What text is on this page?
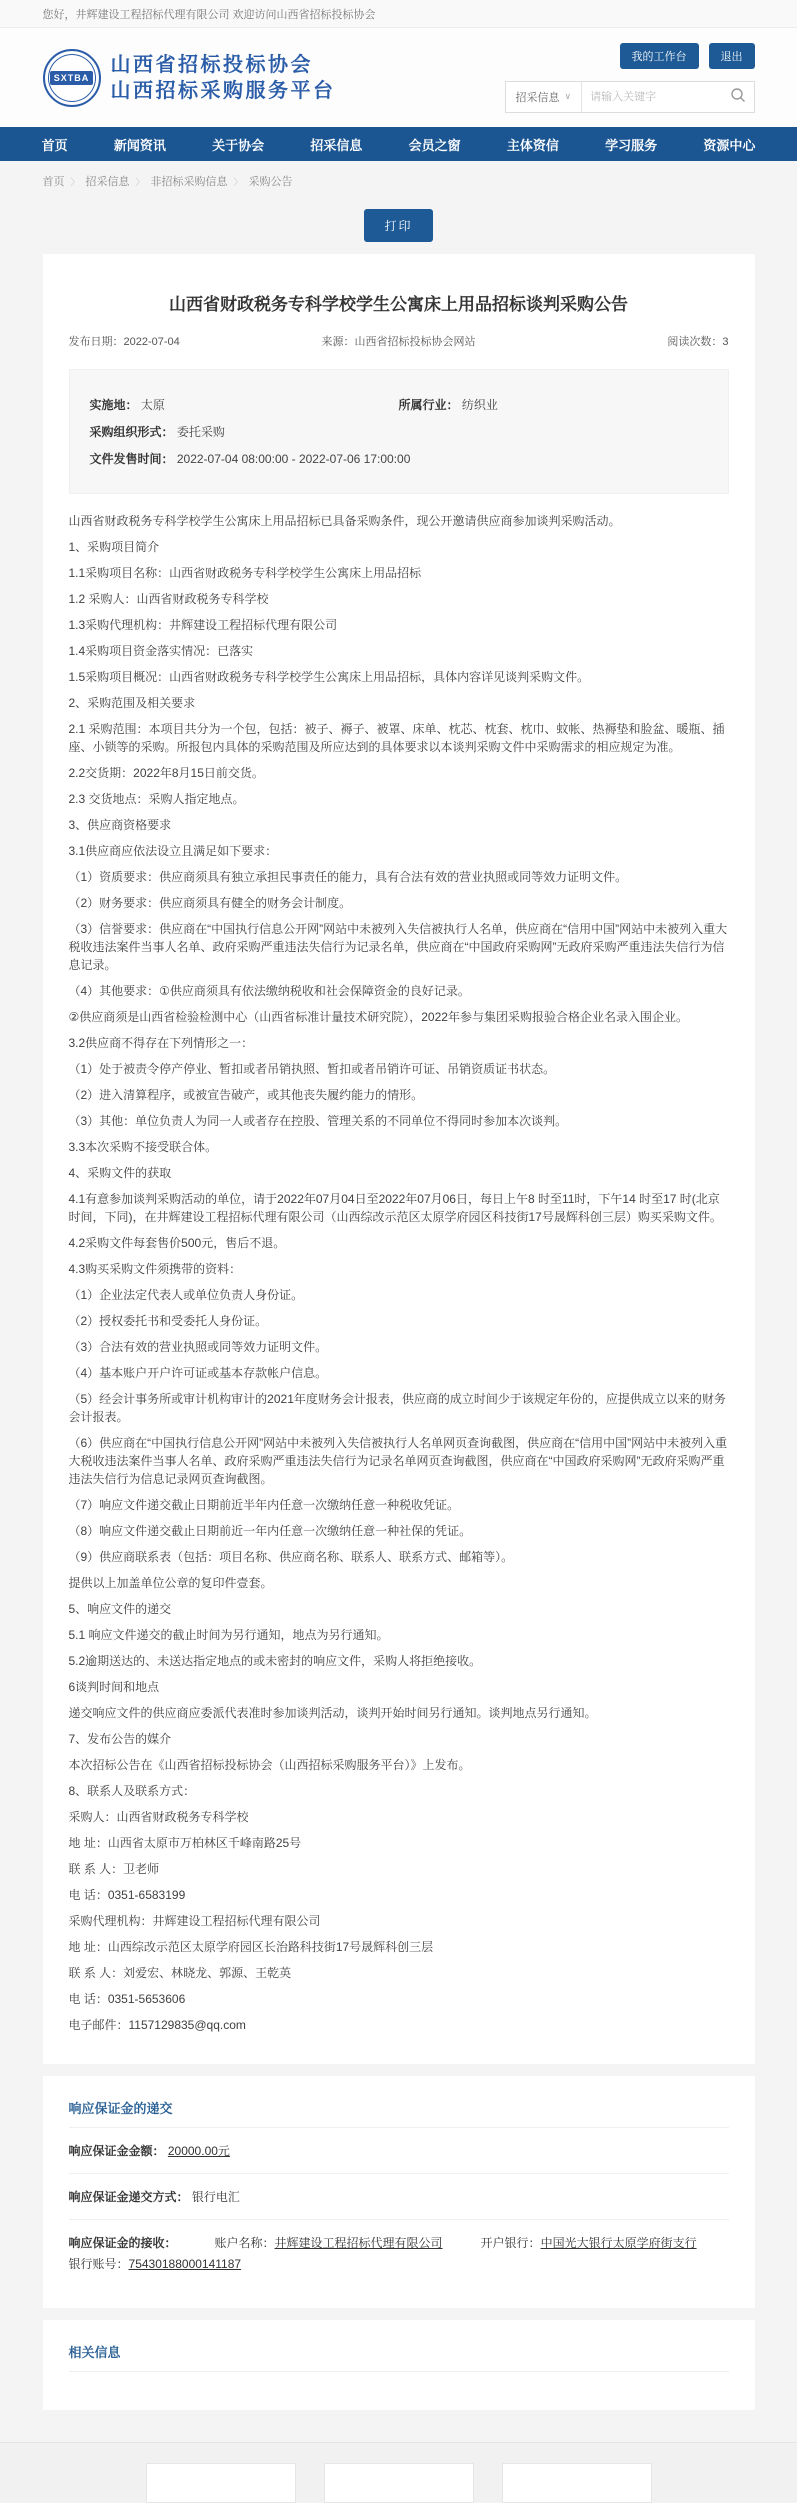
您好，井辉建设工程招标代理有限公司 欢迎访问山西省招标投标协会
SXTBA
山西省招标投标协会
山西招标采购服务平台
我的工作台	退出
招采信息 ∨
请输入关键字
首页	新闻资讯	关于协会	招采信息	会员之窗	主体资信	学习服务	资源中心
首页 〉	招采信息 〉	非招标采购信息 〉	采购公告
打印
山西省财政税务专科学校学生公寓床上用品招标谈判采购公告
发布日期：2022-07-04	来源：山西省招标投标协会网站	阅读次数：3
实施地： 太原	所属行业： 纺织业
采购组织形式： 委托采购
文件发售时间： 2022-07-04 08:00:00 - 2022-07-06 17:00:00

山西省财政税务专科学校学生公寓床上用品招标已具备采购条件，现公开邀请供应商参加谈判采购活动。

1、采购项目简介

1.1采购项目名称：山西省财政税务专科学校学生公寓床上用品招标

1.2 采购人：山西省财政税务专科学校

1.3采购代理机构：井辉建设工程招标代理有限公司

1.4采购项目资金落实情况：已落实

1.5采购项目概况：山西省财政税务专科学校学生公寓床上用品招标，具体内容详见谈判采购文件。

2、采购范围及相关要求

2.1 采购范围：本项目共分为一个包，包括：被子、褥子、被罩、床单、枕芯、枕套、枕巾、蚊帐、热褥垫和脸盆、暖瓶、插座、小锁等的采购。所报包内具体的采购范围及所应达到的具体要求以本谈判采购文件中采购需求的相应规定为准。

2.2交货期：2022年8月15日前交货。

2.3 交货地点：采购人指定地点。

3、供应商资格要求

3.1供应商应依法设立且满足如下要求：

（1）资质要求：供应商须具有独立承担民事责任的能力，具有合法有效的营业执照或同等效力证明文件。

（2）财务要求：供应商须具有健全的财务会计制度。

（3）信誉要求：供应商在“中国执行信息公开网”网站中未被列入失信被执行人名单，供应商在“信用中国”网站中未被列入重大税收违法案件当事人名单、政府采购严重违法失信行为记录名单，供应商在“中国政府采购网”无政府采购严重违法失信行为信息记录。

（4）其他要求：①供应商须具有依法缴纳税收和社会保障资金的良好记录。

②供应商须是山西省检验检测中心（山西省标准计量技术研究院），2022年参与集团采购报验合格企业名录入围企业。

3.2供应商不得存在下列情形之一：

（1）处于被责令停产停业、暂扣或者吊销执照、暂扣或者吊销许可证、吊销资质证书状态。

（2）进入清算程序，或被宣告破产，或其他丧失履约能力的情形。

（3）其他：单位负责人为同一人或者存在控股、管理关系的不同单位不得同时参加本次谈判。

3.3本次采购不接受联合体。

4、采购文件的获取

4.1有意参加谈判采购活动的单位，请于2022年07月04日至2022年07月06日，每日上午8 时至11时，下午14 时至17 时(北京时间，下同)，在井辉建设工程招标代理有限公司（山西综改示范区太原学府园区科技街17号晟辉科创三层）购买采购文件。

4.2采购文件每套售价500元，售后不退。

4.3购买采购文件须携带的资料：

（1）企业法定代表人或单位负责人身份证。

（2）授权委托书和受委托人身份证。

（3）合法有效的营业执照或同等效力证明文件。

（4）基本账户开户许可证或基本存款帐户信息。

（5）经会计事务所或审计机构审计的2021年度财务会计报表，供应商的成立时间少于该规定年份的，应提供成立以来的财务会计报表。

（6）供应商在“中国执行信息公开网”网站中未被列入失信被执行人名单网页查询截图，供应商在“信用中国”网站中未被列入重大税收违法案件当事人名单、政府采购严重违法失信行为记录名单网页查询截图，供应商在“中国政府采购网”无政府采购严重违法失信行为信息记录网页查询截图。

（7）响应文件递交截止日期前近半年内任意一次缴纳任意一种税收凭证。

（8）响应文件递交截止日期前近一年内任意一次缴纳任意一种社保的凭证。

（9）供应商联系表（包括：项目名称、供应商名称、联系人、联系方式、邮箱等）。

提供以上加盖单位公章的复印件壹套。

5、响应文件的递交

5.1 响应文件递交的截止时间为另行通知，地点为另行通知。

5.2逾期送达的、未送达指定地点的或未密封的响应文件，采购人将拒绝接收。

6谈判时间和地点

递交响应文件的供应商应委派代表准时参加谈判活动，谈判开始时间另行通知。谈判地点另行通知。

7、发布公告的媒介

本次招标公告在《山西省招标投标协会（山西招标采购服务平台）》上发布。

8、联系人及联系方式：

采购人：山西省财政税务专科学校

地 址：山西省太原市万柏林区千峰南路25号

联 系 人：卫老师

电 话：0351-6583199

采购代理机构：井辉建设工程招标代理有限公司

地 址：山西综改示范区太原学府园区长治路科技街17号晟辉科创三层

联 系 人：刘爱宏、林晓龙、郭源、王乾英

电 话：0351-5653606

电子邮件：1157129835@qq.com

响应保证金的递交
响应保证金金额： 20000.00元
响应保证金递交方式： 银行电汇
响应保证金的接收：	账户名称：井辉建设工程招标代理有限公司	开户银行：中国光大银行太原学府街支行
银行账号：75430188000141187
相关信息
